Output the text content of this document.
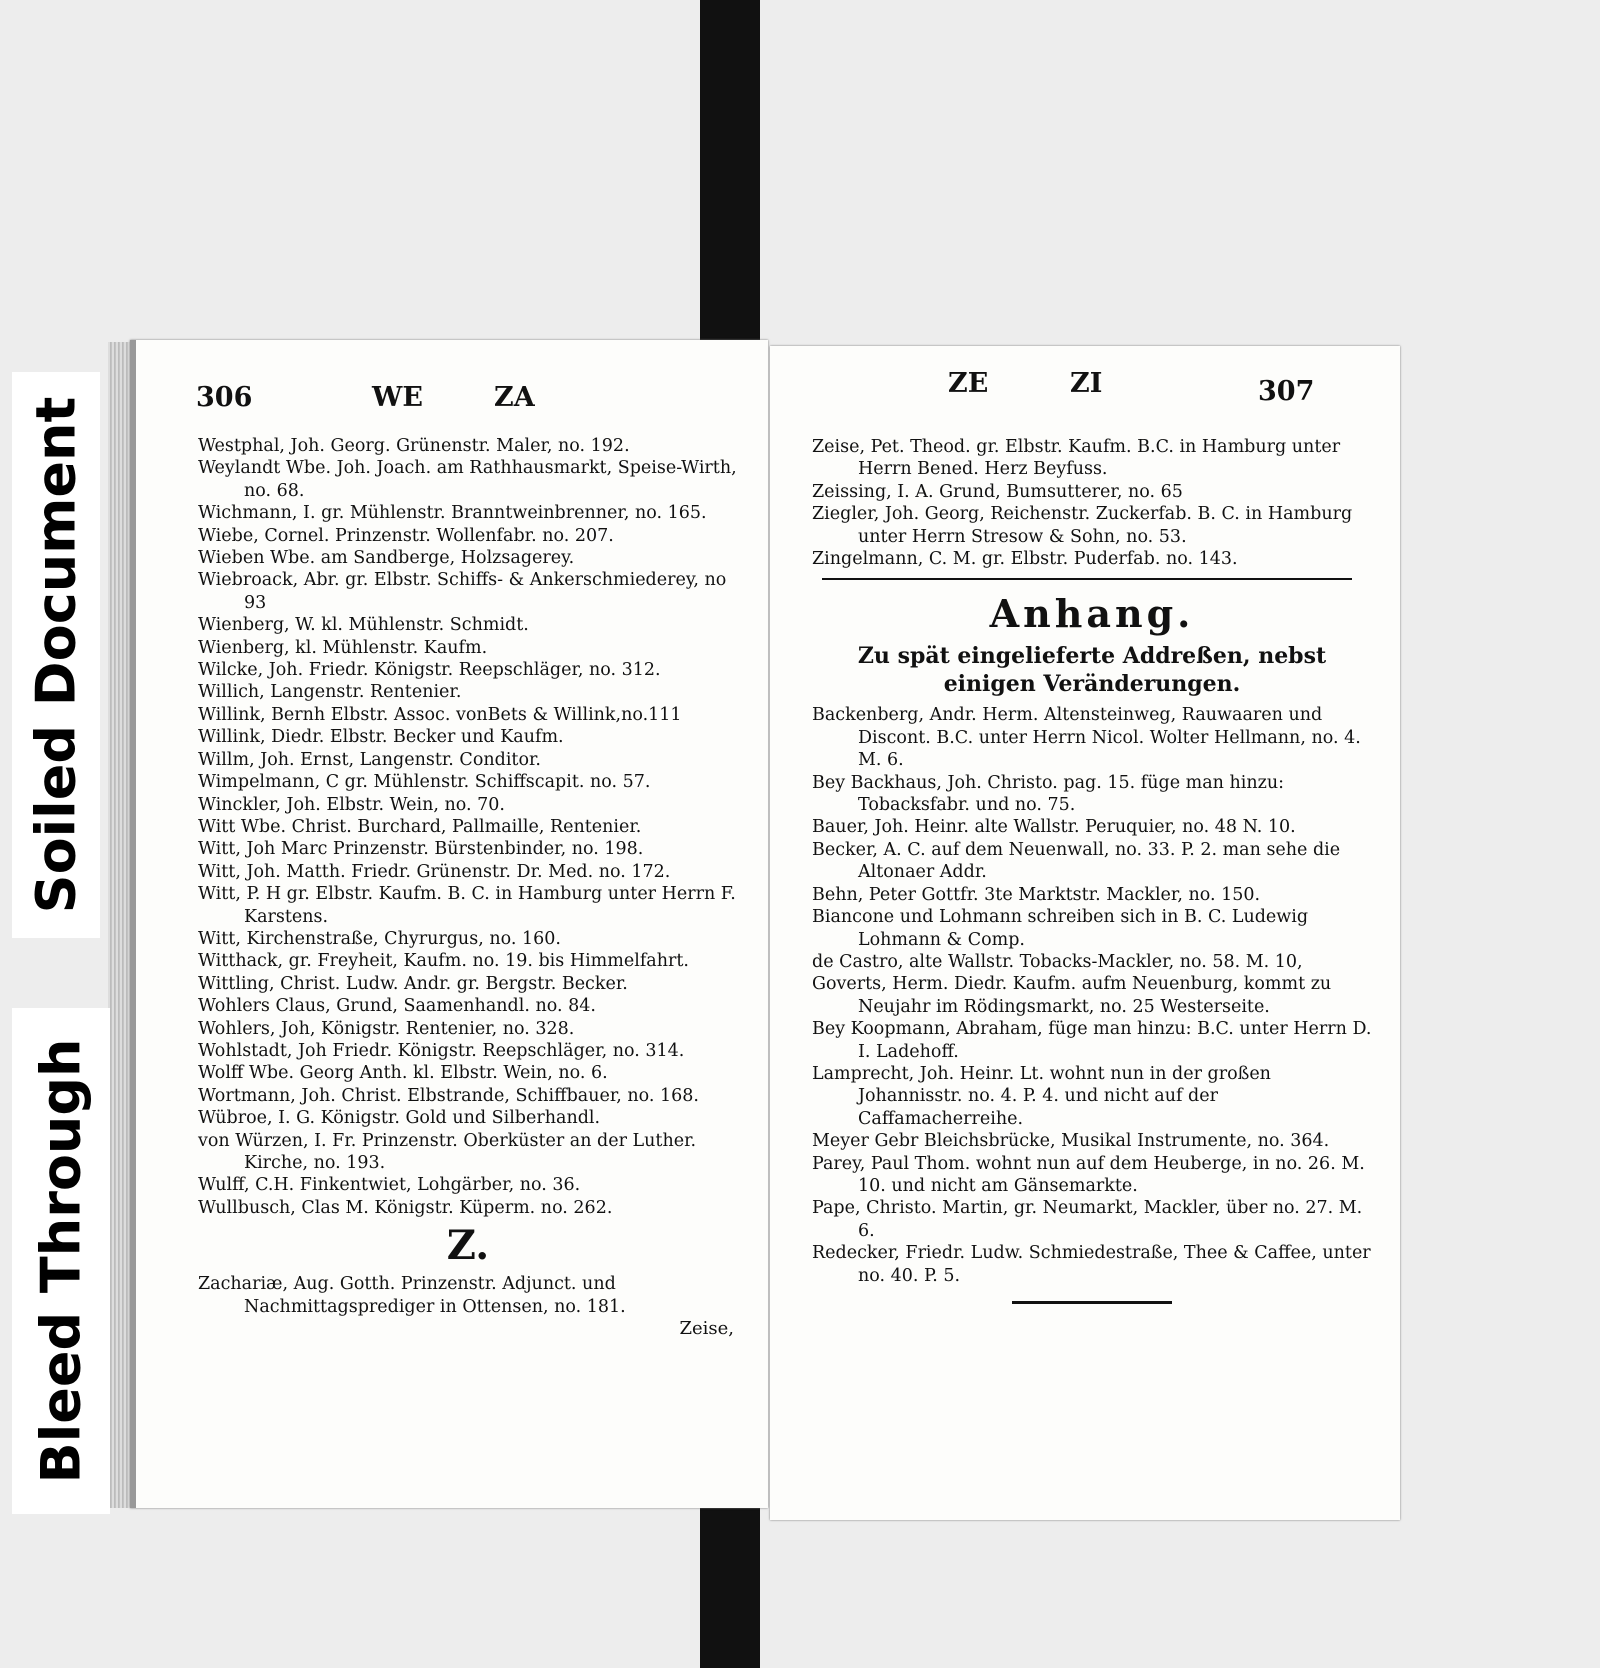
306	WE	ZA

Westphal, Joh. Georg. Grünenstr. Maler, no. 192.

Weylandt Wbe. Joh. Joach. am Rathhausmarkt, Speise-Wirth, no. 68.

Wichmann, I. gr. Mühlenstr. Branntweinbrenner, no. 165.

Wiebe, Cornel. Prinzenstr. Wollenfabr. no. 207.

Wieben Wbe. am Sandberge, Holzsagerey.

Wiebroack, Abr. gr. Elbstr. Schiffs- & Ankerschmiederey, no 93

Wienberg, W. kl. Mühlenstr. Schmidt.

Wienberg, kl. Mühlenstr. Kaufm.

Wilcke, Joh. Friedr. Königstr. Reepschläger, no. 312.

Willich, Langenstr. Rentenier.

Willink, Bernh Elbstr. Assoc. vonBets & Willink,no.111

Willink, Diedr. Elbstr. Becker und Kaufm.

Willm, Joh. Ernst, Langenstr. Conditor.

Wimpelmann, C gr. Mühlenstr. Schiffscapit. no. 57.

Winckler, Joh. Elbstr. Wein, no. 70.

Witt Wbe. Christ. Burchard, Pallmaille, Rentenier.

Witt, Joh Marc Prinzenstr. Bürstenbinder, no. 198.

Witt, Joh. Matth. Friedr. Grünenstr. Dr. Med. no. 172.

Witt, P. H gr. Elbstr. Kaufm. B. C. in Hamburg unter Herrn F. Karstens.

Witt, Kirchenstraße, Chyrurgus, no. 160.

Witthack, gr. Freyheit, Kaufm. no. 19. bis Himmelfahrt.

Wittling, Christ. Ludw. Andr. gr. Bergstr. Becker.

Wohlers Claus, Grund, Saamenhandl. no. 84.

Wohlers, Joh, Königstr. Rentenier, no. 328.

Wohlstadt, Joh Friedr. Königstr. Reepschläger, no. 314.

Wolff Wbe. Georg Anth. kl. Elbstr. Wein, no. 6.

Wortmann, Joh. Christ. Elbstrande, Schiffbauer, no. 168.

Wübroe, I. G. Königstr. Gold und Silberhandl.

von Würzen, I. Fr. Prinzenstr. Oberküster an der Luther. Kirche, no. 193.

Wulff, C.H. Finkentwiet, Lohgärber, no. 36.

Wullbusch, Clas M. Königstr. Küperm. no. 262.

Z.

Zachariæ, Aug. Gotth. Prinzenstr. Adjunct. und Nachmittagsprediger in Ottensen, no. 181.

Zeise,

ZE	ZI	307

Zeise, Pet. Theod. gr. Elbstr. Kaufm. B.C. in Hamburg unter Herrn Bened. Herz Beyfuss.

Zeissing, I. A. Grund, Bumsutterer, no. 65

Ziegler, Joh. Georg, Reichenstr. Zuckerfab. B. C. in Hamburg unter Herrn Stresow & Sohn, no. 53.

Zingelmann, C. M. gr. Elbstr. Puderfab. no. 143.

Anhang.

Zu spät eingelieferte Addreßen, nebst einigen Veränderungen.

Backenberg, Andr. Herm. Altensteinweg, Rauwaaren und Discont. B.C. unter Herrn Nicol. Wolter Hellmann, no. 4. M. 6.

Bey Backhaus, Joh. Christo. pag. 15. füge man hinzu: Tobacksfabr. und no. 75.

Bauer, Joh. Heinr. alte Wallstr. Peruquier, no. 48 N. 10.

Becker, A. C. auf dem Neuenwall, no. 33. P. 2. man sehe die Altonaer Addr.

Behn, Peter Gottfr. 3te Marktstr. Mackler, no. 150.

Biancone und Lohmann schreiben sich in B. C. Ludewig Lohmann & Comp.

de Castro, alte Wallstr. Tobacks-Mackler, no. 58. M. 10,

Goverts, Herm. Diedr. Kaufm. aufm Neuenburg, kommt zu Neujahr im Rödingsmarkt, no. 25 Westerseite.

Bey Koopmann, Abraham, füge man hinzu: B.C. unter Herrn D. I. Ladehoff.

Lamprecht, Joh. Heinr. Lt. wohnt nun in der großen Johannisstr. no. 4. P. 4. und nicht auf der Caffamacherreihe.

Meyer Gebr Bleichsbrücke, Musikal Instrumente, no. 364.

Parey, Paul Thom. wohnt nun auf dem Heuberge, in no. 26. M. 10. und nicht am Gänsemarkte.

Pape, Christo. Martin, gr. Neumarkt, Mackler, über no. 27. M. 6.

Redecker, Friedr. Ludw. Schmiedestraße, Thee & Caffee, unter no. 40. P. 5.

Soiled Document
Bleed Through
